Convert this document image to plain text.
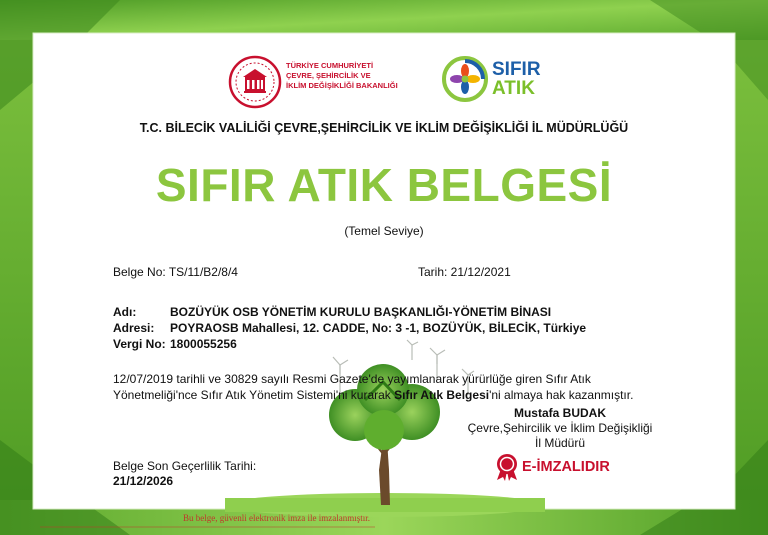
TÜRKİYE CUMHURİYETİ
ÇEVRE, ŞEHİRCİLİK VE
İKLİM DEĞİŞİKLİĞİ BAKANLIĞI
SIFIR
ATIK
T.C. BİLECİK VALİLİĞİ ÇEVRE,ŞEHİRCİLİK VE İKLİM DEĞİŞİKLİĞİ İL MÜDÜRLÜĞÜ
SIFIR ATIK BELGESİ
(Temel Seviye)
Belge No: TS/11/B2/8/4	Tarih: 21/12/2021
Adı:	BOZÜYÜK OSB YÖNETİM KURULU BAŞKANLIĞI-YÖNETİM BİNASI
Adresi: POYRAOSB Mahallesi, 12. CADDE, No: 3 -1, BOZÜYÜK, BİLECİK, Türkiye
Vergi No: 1800055256
12/07/2019 tarihli ve 30829 sayılı Resmi Gazete'de yayımlanarak yürürlüğe giren Sıfır Atık
Yönetmeliği'nce Sıfır Atık Yönetim Sistemi'ni kurarak Sıfır Atık Belgesi'ni almaya hak kazanmıştır.
Mustafa BUDAK
Çevre,Şehircilik ve İklim Değişikliği
İl Müdürü
E-İMZALIDIR
Belge Son Geçerlilik Tarihi:
21/12/2026
Bu belge, güvenli elektronik imza ile imzalanmıştır.
